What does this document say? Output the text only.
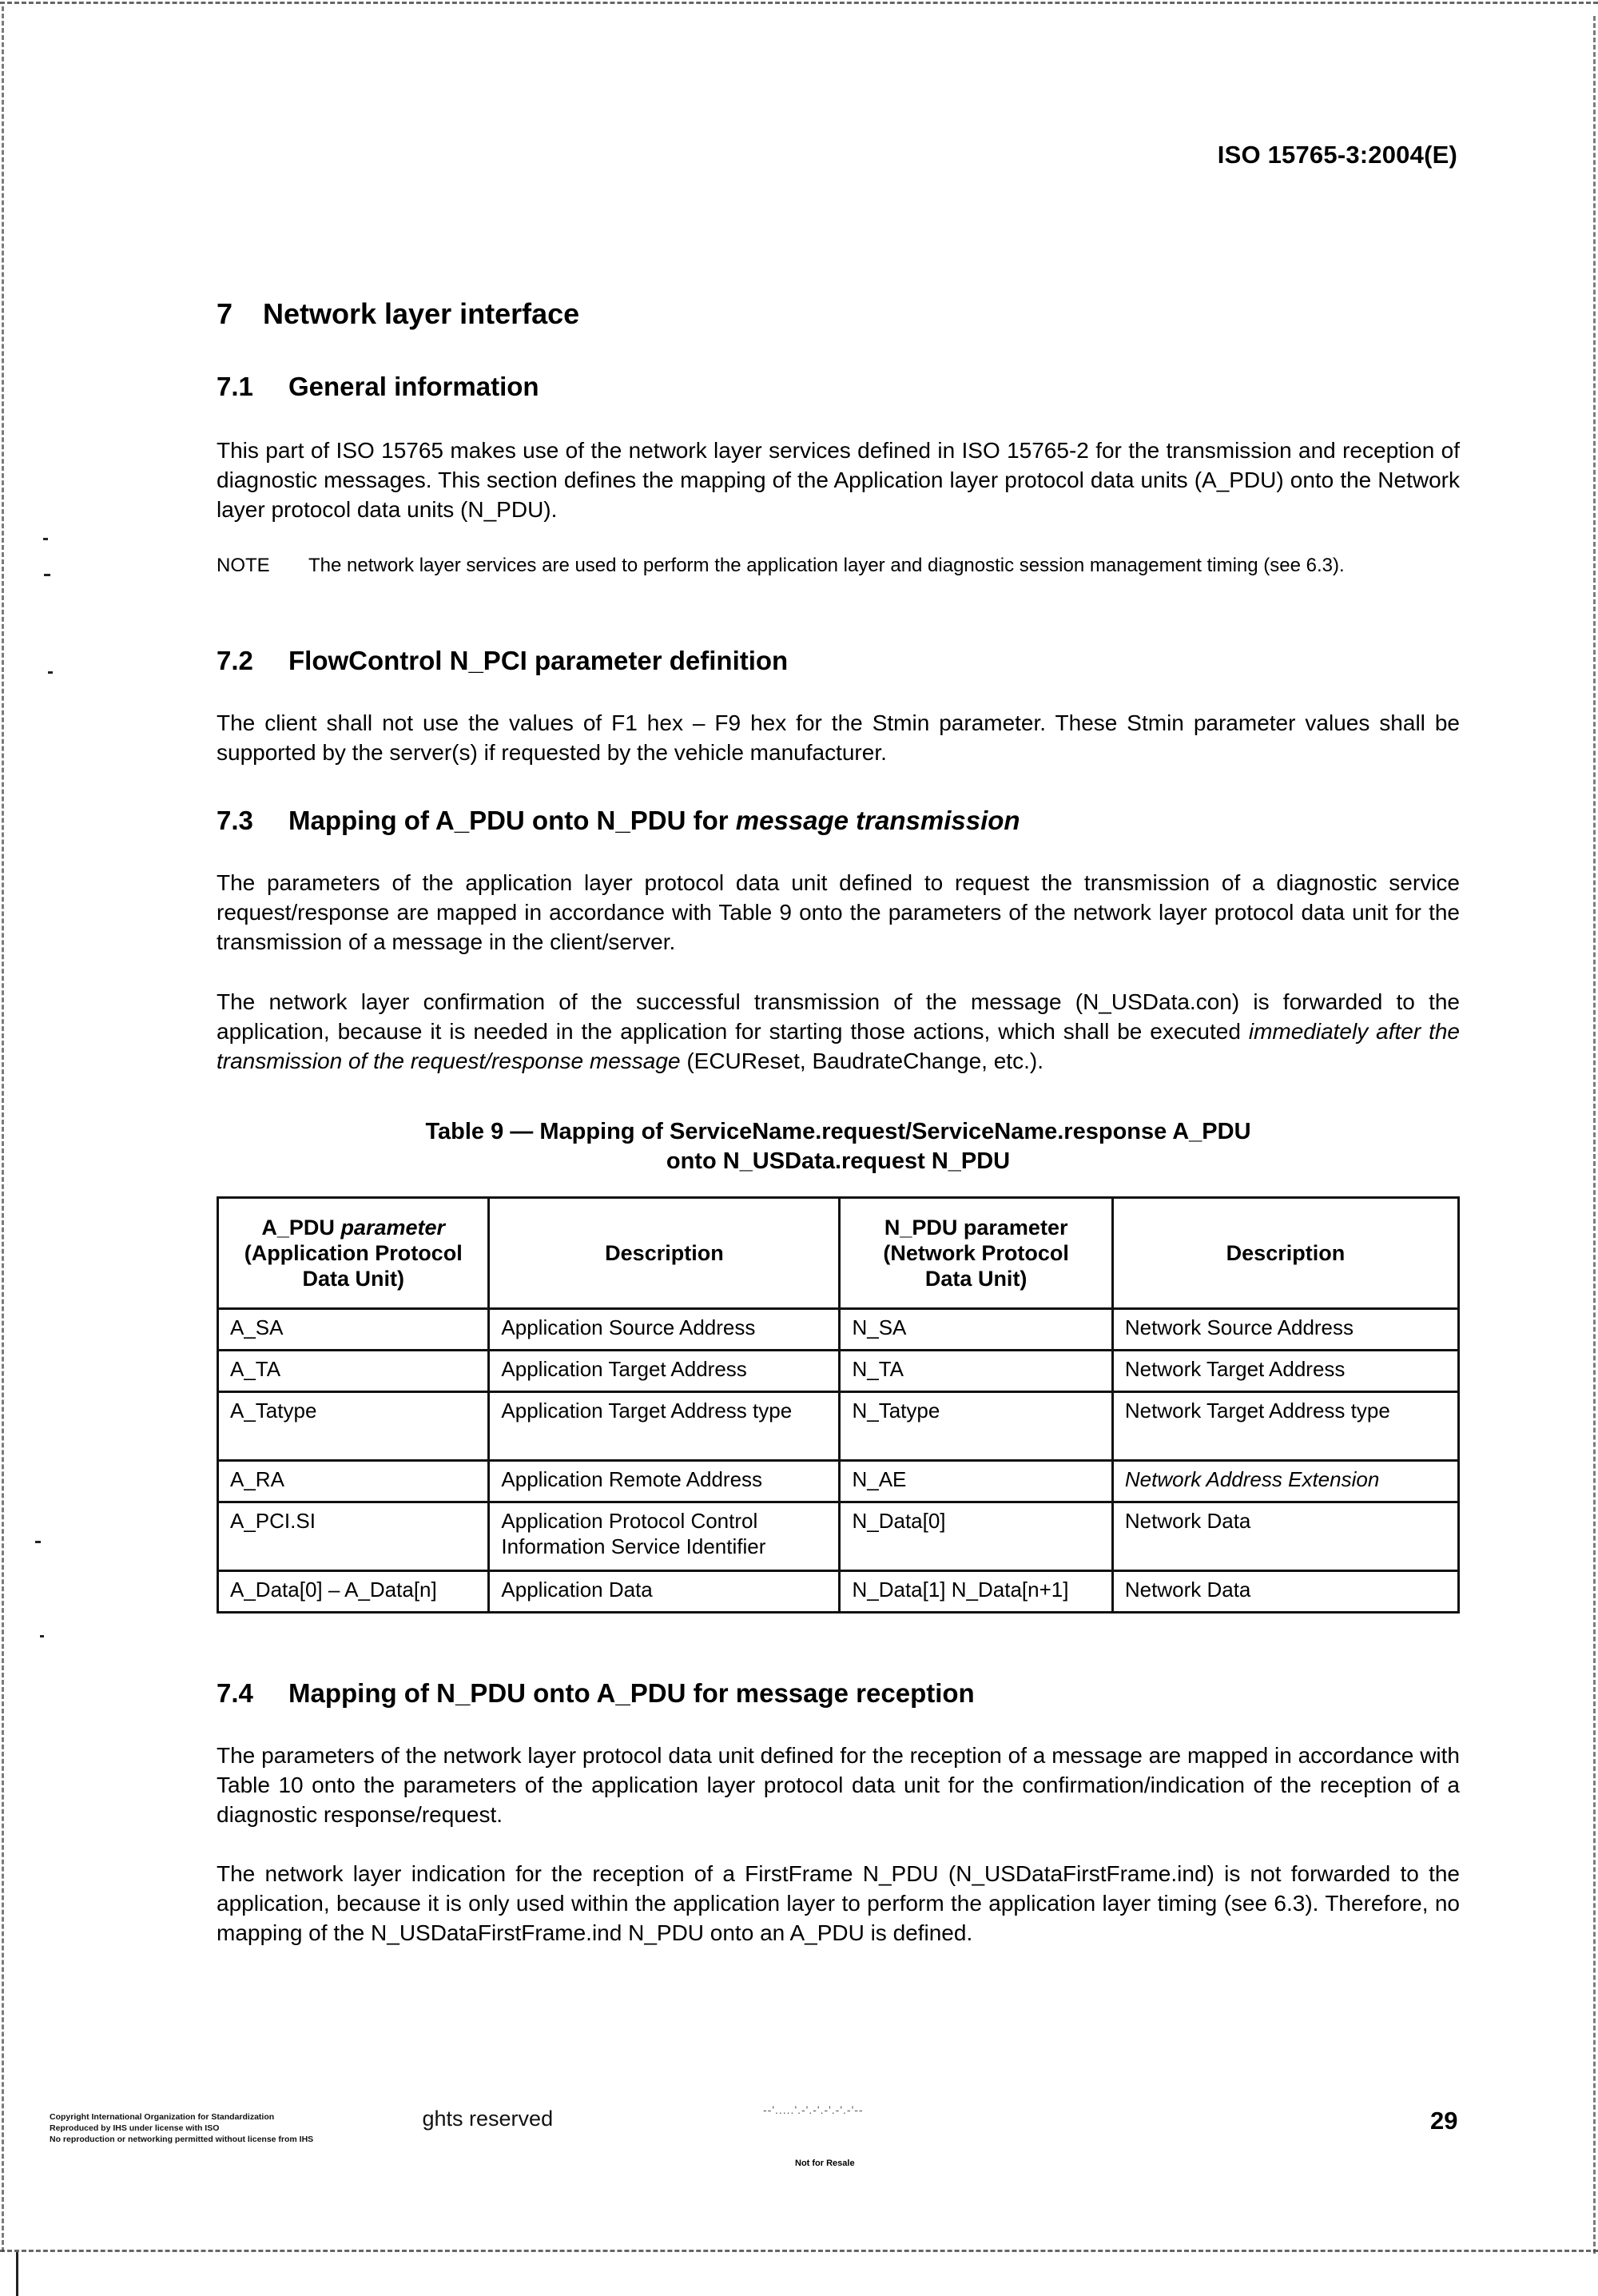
ISO 15765-3:2004(E)
7 Network layer interface
7.1 General information

This part of ISO 15765 makes use of the network layer services defined in ISO 15765-2 for the transmission and reception of diagnostic messages. This section defines the mapping of the Application layer protocol data units (A_PDU) onto the Network layer protocol data units (N_PDU).

NOTE The network layer services are used to perform the application layer and diagnostic session management timing (see 6.3).

7.2 FlowControl N_PCI parameter definition

The client shall not use the values of F1 hex – F9 hex for the Stmin parameter. These Stmin parameter values shall be supported by the server(s) if requested by the vehicle manufacturer.

7.3 Mapping of A_PDU onto N_PDU for message transmission

The parameters of the application layer protocol data unit defined to request the transmission of a diagnostic service request/response are mapped in accordance with Table 9 onto the parameters of the network layer protocol data unit for the transmission of a message in the client/server.

The network layer confirmation of the successful transmission of the message (N_USData.con) is forwarded to the application, because it is needed in the application for starting those actions, which shall be executed immediately after the transmission of the request/response message (ECUReset, BaudrateChange, etc.).

Table 9 — Mapping of ServiceName.request/ServiceName.response A_PDU
onto N_USData.request N_PDU
A_PDU parameter
(Application Protocol
Data Unit)	Description	N_PDU parameter
(Network Protocol
Data Unit)	Description
A_SA	Application Source Address	N_SA	Network Source Address
A_TA	Application Target Address	N_TA	Network Target Address
A_Tatype	Application Target Address type	N_Tatype	Network Target Address type
A_RA	Application Remote Address	N_AE	Network Address Extension
A_PCI.SI	Application Protocol Control Information Service Identifier	N_Data[0]	Network Data
A_Data[0] – A_Data[n]	Application Data	N_Data[1] N_Data[n+1]	Network Data
7.4 Mapping of N_PDU onto A_PDU for message reception

The parameters of the network layer protocol data unit defined for the reception of a message are mapped in accordance with Table 10 onto the parameters of the application layer protocol data unit for the confirmation/indication of the reception of a diagnostic response/request.

The network layer indication for the reception of a FirstFrame N_PDU (N_USDataFirstFrame.ind) is not forwarded to the application, because it is only used within the application layer to perform the application layer timing (see 6.3). Therefore, no mapping of the N_USDataFirstFrame.ind N_PDU onto an A_PDU is defined.

Copyright International Organization for Standardization
Reproduced by IHS under license with ISO
No reproduction or networking permitted without license from IHS
ghts reserved	--'.....'.-'.-'.-'.-'.-'--
Not for Resale
29
